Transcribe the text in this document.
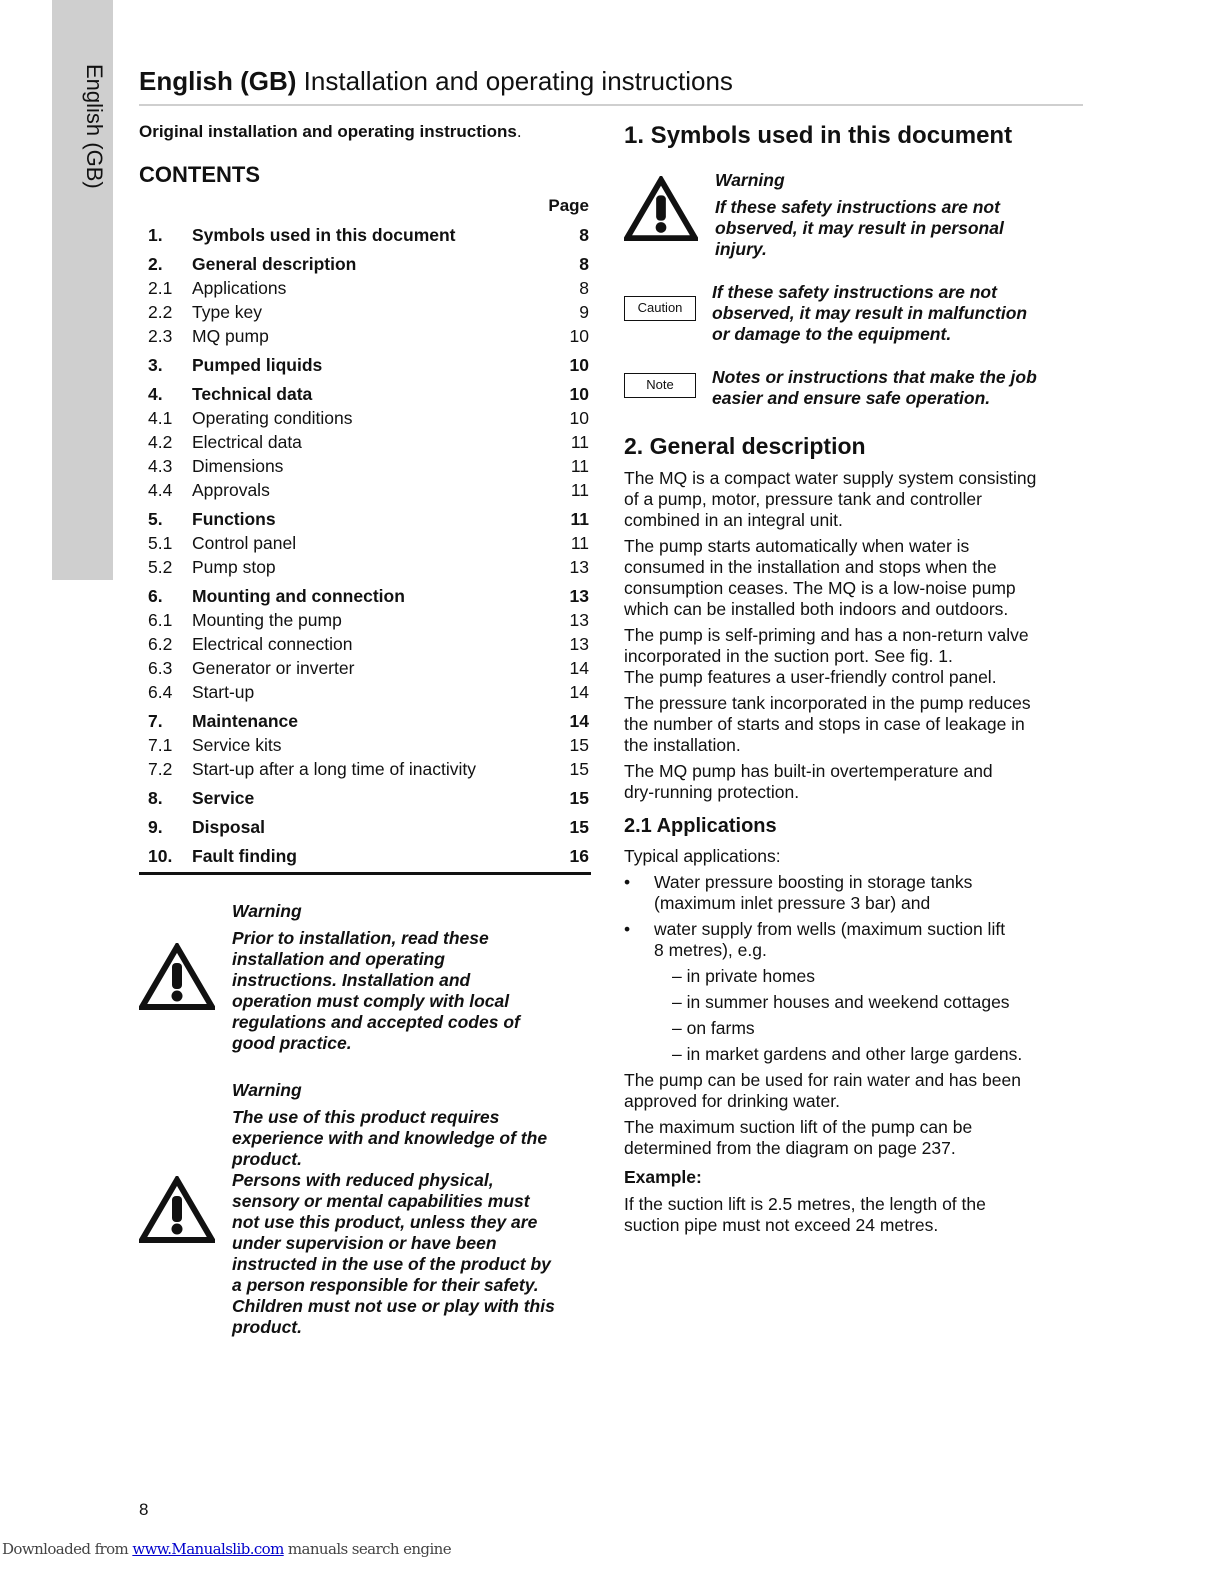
English (GB) English (GB) Installation and operating instructions
Original installation and operating instructions.
CONTENTS
Page
1.	Symbols used in this document	8
2.	General description	8
2.1	Applications	8
2.2	Type key	9
2.3	MQ pump	10
3.	Pumped liquids	10
4.	Technical data	10
4.1	Operating conditions	10
4.2	Electrical data	11
4.3	Dimensions	11
4.4	Approvals	11
5.	Functions	11
5.1	Control panel	11
5.2	Pump stop	13
6.	Mounting and connection	13
6.1	Mounting the pump	13
6.2	Electrical connection	13
6.3	Generator or inverter	14
6.4	Start-up	14
7.	Maintenance	14
7.1	Service kits	15
7.2	Start-up after a long time of inactivity	15
8.	Service	15
9.	Disposal	15
10.	Fault finding	16
Warning
Prior to installation, read these
installation and operating
instructions. Installation and
operation must comply with local
regulations and accepted codes of
good practice.
Warning
The use of this product requires
experience with and knowledge of the
product.
Persons with reduced physical,
sensory or mental capabilities must
not use this product, unless they are
under supervision or have been
instructed in the use of the product by
a person responsible for their safety.
Children must not use or play with this
product.
1. Symbols used in this document
Warning
If these safety instructions are not
observed, it may result in personal
injury.
Caution
If these safety instructions are not
observed, it may result in malfunction
or damage to the equipment.
Note	Notes or instructions that make the job
easier and ensure safe operation.
2. General description
The MQ is a compact water supply system consisting
of a pump, motor, pressure tank and controller
combined in an integral unit.
The pump starts automatically when water is
consumed in the installation and stops when the
consumption ceases. The MQ is a low-noise pump
which can be installed both indoors and outdoors.
The pump is self-priming and has a non-return valve
incorporated in the suction port. See fig. 1.
The pump features a user-friendly control panel.
The pressure tank incorporated in the pump reduces
the number of starts and stops in case of leakage in
the installation.
The MQ pump has built-in overtemperature and
dry-running protection.
2.1 Applications
Typical applications:
• Water pressure boosting in storage tanks
(maximum inlet pressure 3 bar) and
• water supply from wells (maximum suction lift
8 metres), e.g.
– in private homes
– in summer houses and weekend cottages
– on farms
– in market gardens and other large gardens.
The pump can be used for rain water and has been
approved for drinking water.
The maximum suction lift of the pump can be
determined from the diagram on page 237.
Example:
If the suction lift is 2.5 metres, the length of the
suction pipe must not exceed 24 metres.
8
Downloaded from www.Manualslib.com manuals search engine
